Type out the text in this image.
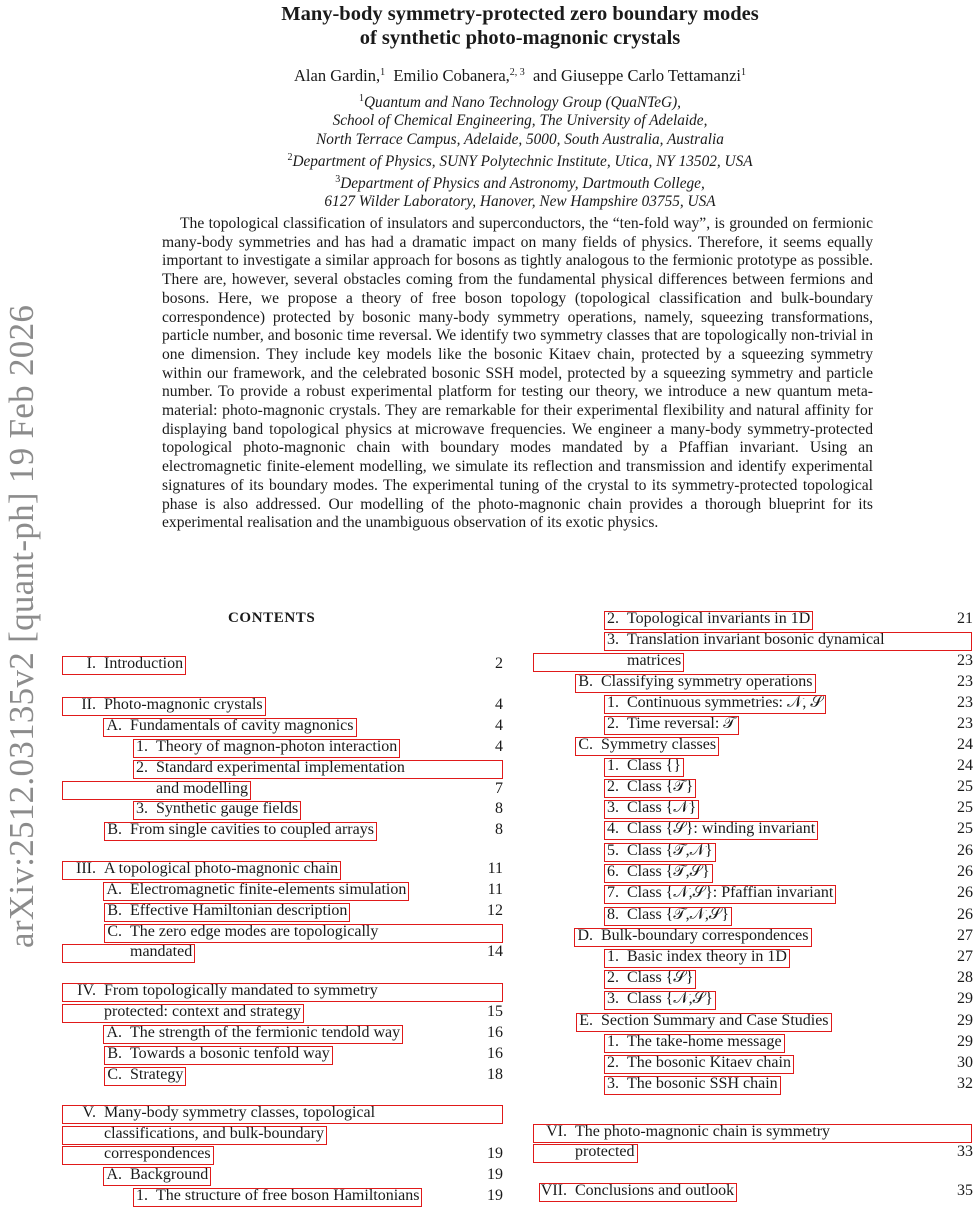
arXiv:2512.03135v2 [quant-ph] 19 Feb 2026
Many-body symmetry-protected zero boundary modes
of synthetic photo-magnonic crystals
Alan Gardin,$^1$ Emilio Cobanera,$^{2, 3}$ and Giuseppe Carlo Tettamanzi$^1$
$^1$Quantum and Nano Technology Group (QuaNTeG),
School of Chemical Engineering, The University of Adelaide,
North Terrace Campus, Adelaide, 5000, South Australia, Australia
$^2$Department of Physics, SUNY Polytechnic Institute, Utica, NY 13502, USA
$^3$Department of Physics and Astronomy, Dartmouth College,
6127 Wilder Laboratory, Hanover, New Hampshire 03755, USA
The topological classification of insulators and superconductors, the “ten-fold way”, is grounded on fermionic many-body symmetries and has had a dramatic impact on many fields of physics. Therefore, it seems equally important to investigate a similar approach for bosons as tightly analogous to the fermionic prototype as possible. There are, however, several obstacles coming from the fundamental physical differences between fermions and bosons. Here, we propose a theory of free boson topology (topological classification and bulk-boundary correspondence) protected by bosonic many-body symmetry operations, namely, squeezing transformations, particle number, and bosonic time reversal. We identify two symmetry classes that are topologically non-trivial in one dimension. They include key models like the bosonic Kitaev chain, protected by a squeezing symmetry within our framework, and the celebrated bosonic SSH model, protected by a squeezing symmetry and particle number. To provide a robust experimental platform for testing our theory, we introduce a new quantum meta-material: photo-magnonic crystals. They are remarkable for their experimental flexibility and natural affinity for displaying band topological physics at microwave frequencies. We engineer a many-body symmetry-protected topological photo-magnonic chain with boundary modes mandated by a Pfaffian invariant. Using an electromagnetic finite-element modelling, we simulate its reflection and transmission and identify experimental signatures of its boundary modes. The experimental tuning of the crystal to its symmetry-protected topological phase is also addressed. Our modelling of the photo-magnonic chain provides a thorough blueprint for its experimental realisation and the unambiguous observation of its exotic physics.
CONTENTS
I. Introduction	2
II. Photo-magnonic crystals	4
A. Fundamentals of cavity magnonics	4
1. Theory of magnon-photon interaction	4
2. Standard experimental implementation
and modelling	7
3. Synthetic gauge fields	8
B. From single cavities to coupled arrays	8
III. A topological photo-magnonic chain	11
A. Electromagnetic finite-elements simulation	11
B. Effective Hamiltonian description	12
C. The zero edge modes are topologically
mandated	14
IV. From topologically mandated to symmetry
protected: context and strategy	15
A. The strength of the fermionic tendold way	16
B. Towards a bosonic tenfold way	16
C. Strategy	18
V. Many-body symmetry classes, topological
classifications, and bulk-boundary
correspondences	19
A. Background	19
1. The structure of free boson Hamiltonians	19
2. Topological invariants in 1D	21
3. Translation invariant bosonic dynamical
matrices	23
B. Classifying symmetry operations	23
1. Continuous symmetries: 𝒩, 𝒮	23
2. Time reversal: 𝒯	23
C. Symmetry classes	24
1. Class {}	24
2. Class {𝒯}	25
3. Class {𝒩}	25
4. Class {𝒮}: winding invariant	25
5. Class {𝒯,𝒩}	26
6. Class {𝒯,𝒮}	26
7. Class {𝒩,𝒮}: Pfaffian invariant	26
8. Class {𝒯,𝒩,𝒮}	26
D. Bulk-boundary correspondences	27
1. Basic index theory in 1D	27
2. Class {𝒮}	28
3. Class {𝒩,𝒮}	29
E. Section Summary and Case Studies	29
1. The take-home message	29
2. The bosonic Kitaev chain	30
3. The bosonic SSH chain	32
VI. The photo-magnonic chain is symmetry
protected	33
VII. Conclusions and outlook	35
